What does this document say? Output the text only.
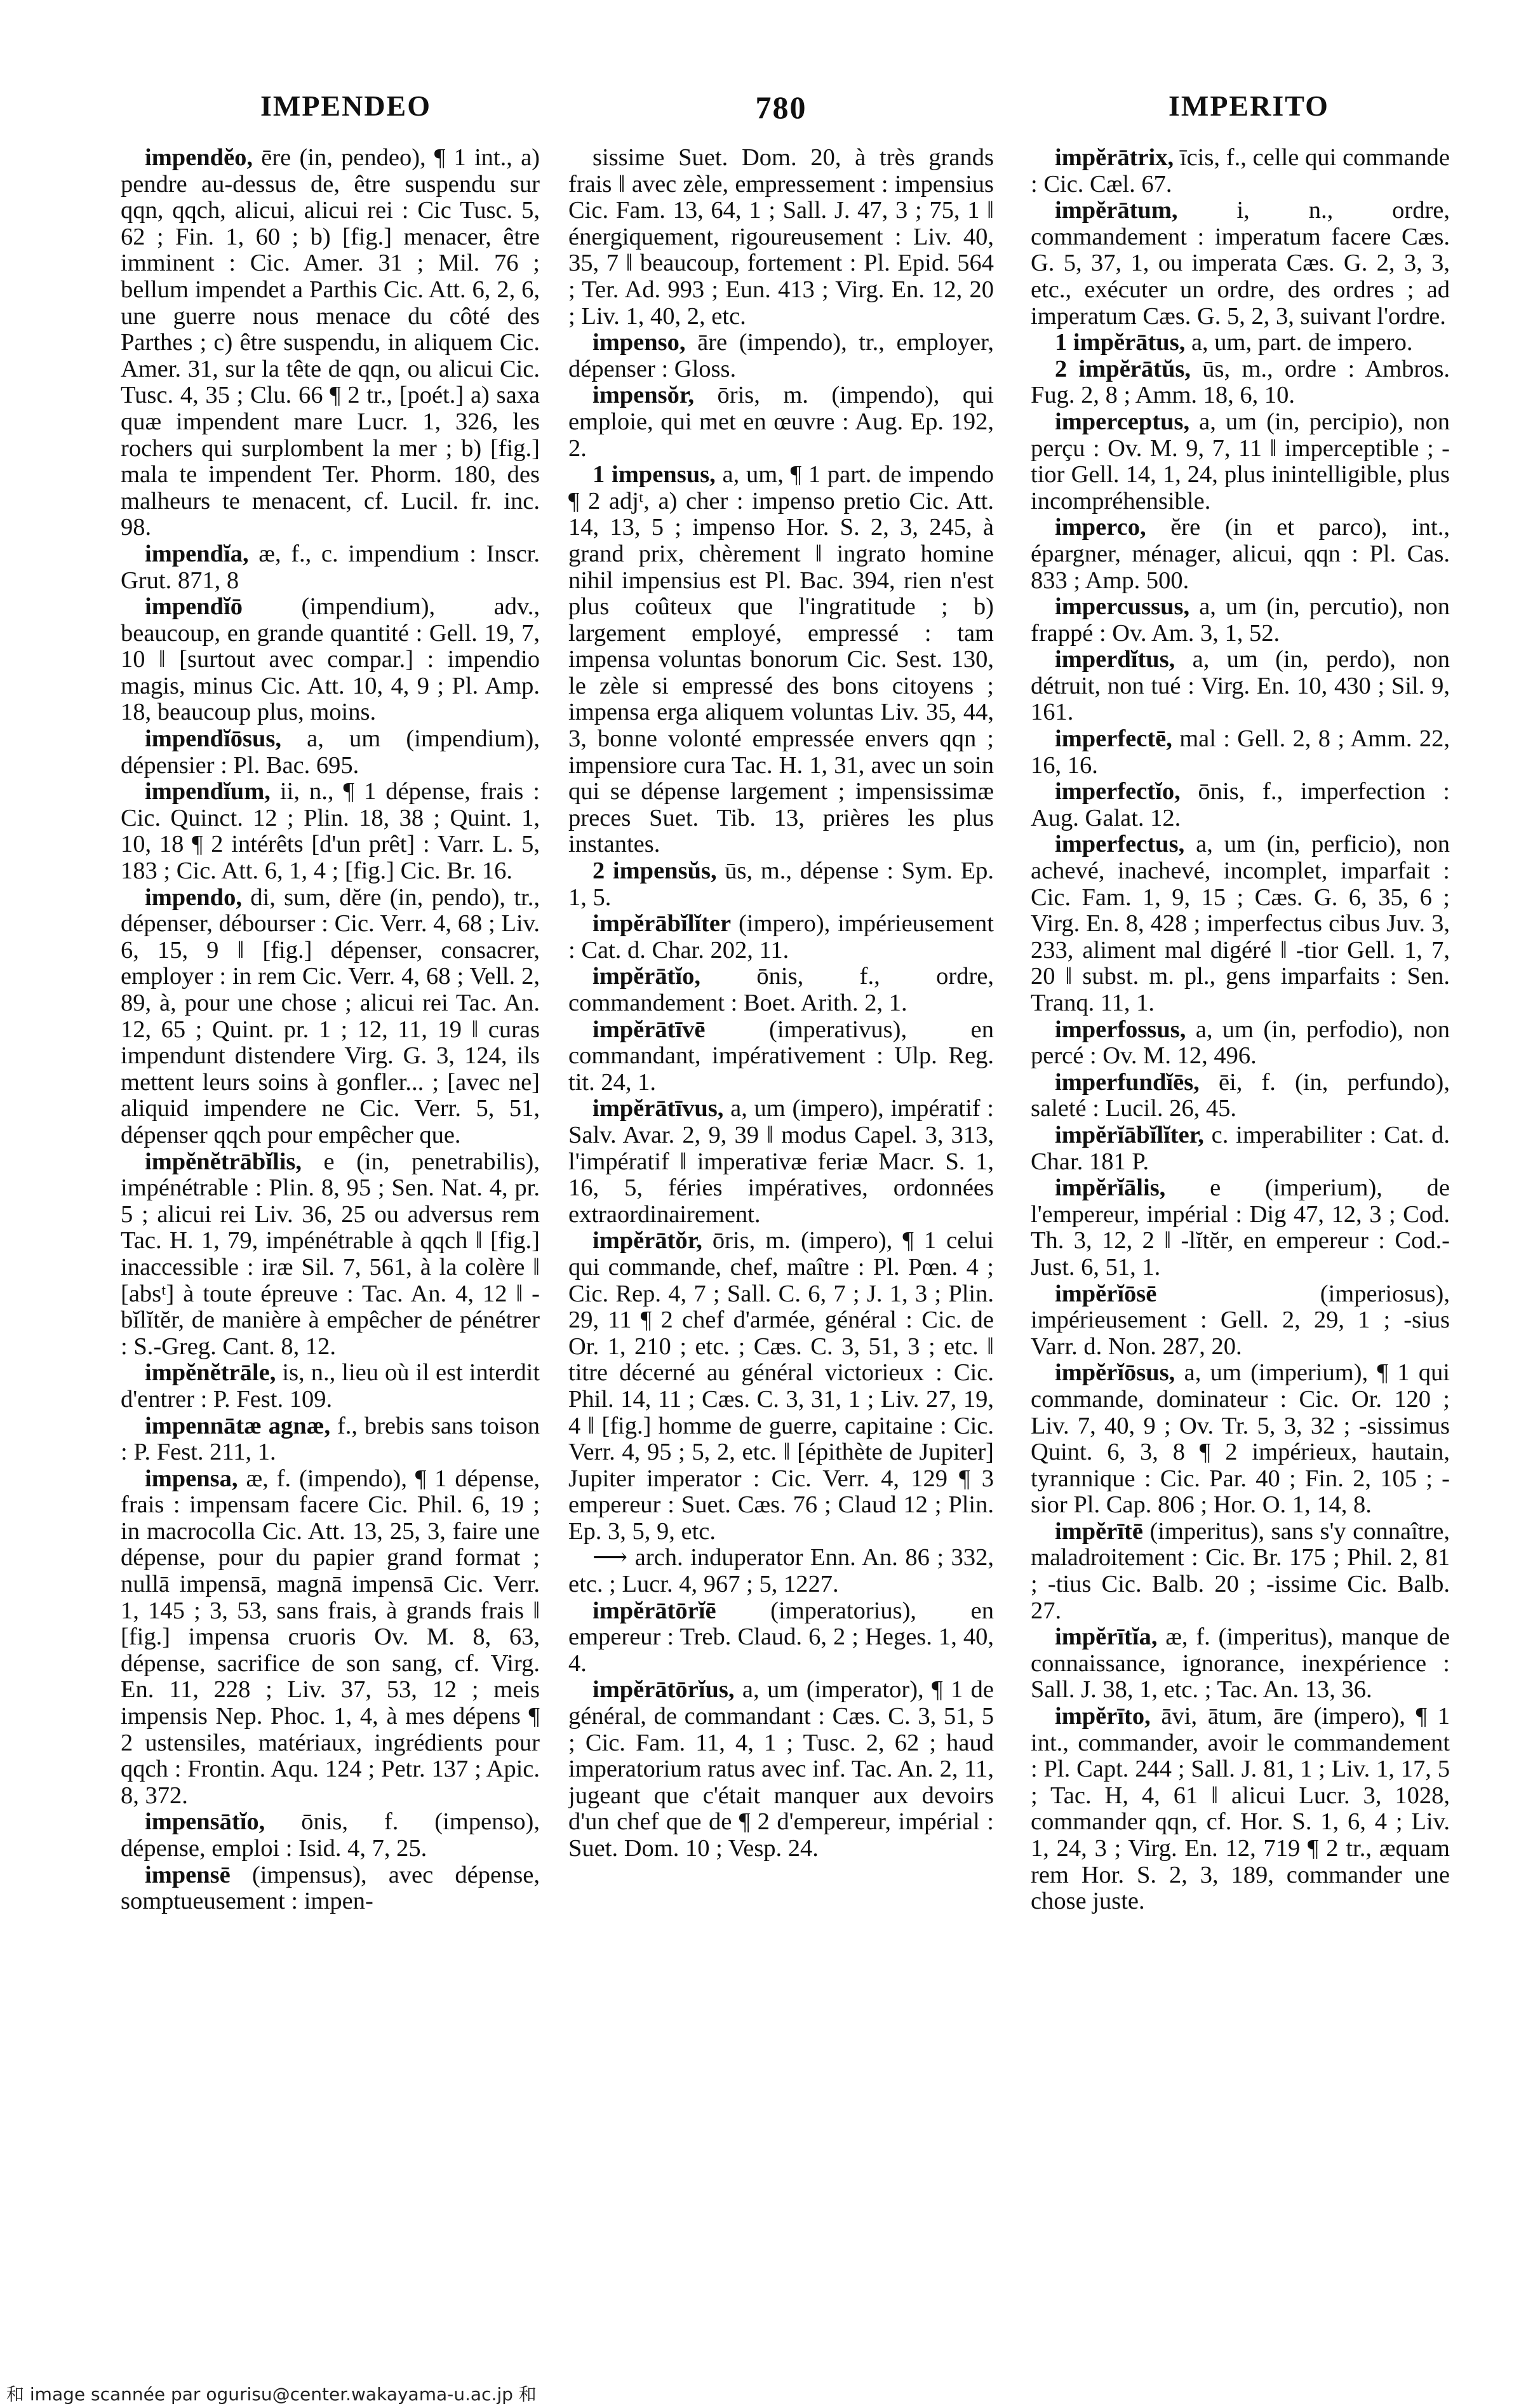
IMPENDEO	780	IMPERITO

impendĕo, ēre (in, pendeo), ¶ 1 int., a) pendre au-dessus de, être suspendu sur qqn, qqch, alicui, alicui rei : Cic Tusc. 5, 62 ; Fin. 1, 60 ; b) [fig.] menacer, être imminent : Cic. Amer. 31 ; Mil. 76 ; bellum impendet a Parthis Cic. Att. 6, 2, 6, une guerre nous menace du côté des Parthes ; c) être suspendu, in aliquem Cic. Amer. 31, sur la tête de qqn, ou alicui Cic. Tusc. 4, 35 ; Clu. 66 ¶ 2 tr., [poét.] a) saxa quæ impendent mare Lucr. 1, 326, les rochers qui surplombent la mer ; b) [fig.] mala te impendent Ter. Phorm. 180, des malheurs te menacent, cf. Lucil. fr. inc. 98.

impendĭa, æ, f., c. impendium : Inscr. Grut. 871, 8

impendĭō (impendium), adv., beaucoup, en grande quantité : Gell. 19, 7, 10 ‖ [surtout avec compar.] : impendio magis, minus Cic. Att. 10, 4, 9 ; Pl. Amp. 18, beaucoup plus, moins.

impendĭōsus, a, um (impendium), dépensier : Pl. Bac. 695.

impendĭum, ii, n., ¶ 1 dépense, frais : Cic. Quinct. 12 ; Plin. 18, 38 ; Quint. 1, 10, 18 ¶ 2 intérêts [d'un prêt] : Varr. L. 5, 183 ; Cic. Att. 6, 1, 4 ; [fig.] Cic. Br. 16.

impendo, di, sum, dĕre (in, pendo), tr., dépenser, débourser : Cic. Verr. 4, 68 ; Liv. 6, 15, 9 ‖ [fig.] dépenser, consacrer, employer : in rem Cic. Verr. 4, 68 ; Vell. 2, 89, à, pour une chose ; alicui rei Tac. An. 12, 65 ; Quint. pr. 1 ; 12, 11, 19 ‖ curas impendunt distendere Virg. G. 3, 124, ils mettent leurs soins à gonfler... ; [avec ne] aliquid impendere ne Cic. Verr. 5, 51, dépenser qqch pour empêcher que.

impĕnĕtrābĭlis, e (in, penetrabilis), impénétrable : Plin. 8, 95 ; Sen. Nat. 4, pr. 5 ; alicui rei Liv. 36, 25 ou adversus rem Tac. H. 1, 79, impénétrable à qqch ‖ [fig.] inaccessible : iræ Sil. 7, 561, à la colère ‖ [absᵗ] à toute épreuve : Tac. An. 4, 12 ‖ -bĭlĭtĕr, de manière à empêcher de pénétrer : S.-Greg. Cant. 8, 12.

impĕnĕtrāle, is, n., lieu où il est interdit d'entrer : P. Fest. 109.

impennātæ agnæ, f., brebis sans toison : P. Fest. 211, 1.

impensa, æ, f. (impendo), ¶ 1 dépense, frais : impensam facere Cic. Phil. 6, 19 ; in macrocolla Cic. Att. 13, 25, 3, faire une dépense, pour du papier grand format ; nullā impensā, magnā impensā Cic. Verr. 1, 145 ; 3, 53, sans frais, à grands frais ‖ [fig.] impensa cruoris Ov. M. 8, 63, dépense, sacrifice de son sang, cf. Virg. En. 11, 228 ; Liv. 37, 53, 12 ; meis impensis Nep. Phoc. 1, 4, à mes dépens ¶ 2 ustensiles, matériaux, ingrédients pour qqch : Frontin. Aqu. 124 ; Petr. 137 ; Apic. 8, 372.

impensātĭo, ōnis, f. (impenso), dépense, emploi : Isid. 4, 7, 25.

impensē (impensus), avec dépense, somptueusement : impen-

sissime Suet. Dom. 20, à très grands frais ‖ avec zèle, empressement : impensius Cic. Fam. 13, 64, 1 ; Sall. J. 47, 3 ; 75, 1 ‖ énergiquement, rigoureusement : Liv. 40, 35, 7 ‖ beaucoup, fortement : Pl. Epid. 564 ; Ter. Ad. 993 ; Eun. 413 ; Virg. En. 12, 20 ; Liv. 1, 40, 2, etc.

impenso, āre (impendo), tr., employer, dépenser : Gloss.

impensŏr, ōris, m. (impendo), qui emploie, qui met en œuvre : Aug. Ep. 192, 2.

1 impensus, a, um, ¶ 1 part. de impendo ¶ 2 adjᵗ, a) cher : impenso pretio Cic. Att. 14, 13, 5 ; impenso Hor. S. 2, 3, 245, à grand prix, chèrement ‖ ingrato homine nihil impensius est Pl. Bac. 394, rien n'est plus coûteux que l'ingratitude ; b) largement employé, empressé : tam impensa voluntas bonorum Cic. Sest. 130, le zèle si empressé des bons citoyens ; impensa erga aliquem voluntas Liv. 35, 44, 3, bonne volonté empressée envers qqn ; impensiore cura Tac. H. 1, 31, avec un soin qui se dépense largement ; impensissimæ preces Suet. Tib. 13, prières les plus instantes.

2 impensŭs, ūs, m., dépense : Sym. Ep. 1, 5.

impĕrābĭlĭter (impero), impérieusement : Cat. d. Char. 202, 11.

impĕrātĭo, ōnis, f., ordre, commandement : Boet. Arith. 2, 1.

impĕrātīvē (imperativus), en commandant, impérativement : Ulp. Reg. tit. 24, 1.

impĕrātīvus, a, um (impero), impératif : Salv. Avar. 2, 9, 39 ‖ modus Capel. 3, 313, l'impératif ‖ imperativæ feriæ Macr. S. 1, 16, 5, féries impératives, ordonnées extraordinairement.

impĕrātŏr, ōris, m. (impero), ¶ 1 celui qui commande, chef, maître : Pl. Pœn. 4 ; Cic. Rep. 4, 7 ; Sall. C. 6, 7 ; J. 1, 3 ; Plin. 29, 11 ¶ 2 chef d'armée, général : Cic. de Or. 1, 210 ; etc. ; Cæs. C. 3, 51, 3 ; etc. ‖ titre décerné au général victorieux : Cic. Phil. 14, 11 ; Cæs. C. 3, 31, 1 ; Liv. 27, 19, 4 ‖ [fig.] homme de guerre, capitaine : Cic. Verr. 4, 95 ; 5, 2, etc. ‖ [épithète de Jupiter] Jupiter imperator : Cic. Verr. 4, 129 ¶ 3 empereur : Suet. Cæs. 76 ; Claud 12 ; Plin. Ep. 3, 5, 9, etc.

⟶ arch. induperator Enn. An. 86 ; 332, etc. ; Lucr. 4, 967 ; 5, 1227.

impĕrātōrĭē (imperatorius), en empereur : Treb. Claud. 6, 2 ; Heges. 1, 40, 4.

impĕrātōrĭus, a, um (imperator), ¶ 1 de général, de commandant : Cæs. C. 3, 51, 5 ; Cic. Fam. 11, 4, 1 ; Tusc. 2, 62 ; haud imperatorium ratus avec inf. Tac. An. 2, 11, jugeant que c'était manquer aux devoirs d'un chef que de ¶ 2 d'empereur, impérial : Suet. Dom. 10 ; Vesp. 24.

impĕrātrix, īcis, f., celle qui commande : Cic. Cæl. 67.

impĕrātum, i, n., ordre, commandement : imperatum facere Cæs. G. 5, 37, 1, ou imperata Cæs. G. 2, 3, 3, etc., exécuter un ordre, des ordres ; ad imperatum Cæs. G. 5, 2, 3, suivant l'ordre.

1 impĕrātus, a, um, part. de impero.

2 impĕrātŭs, ūs, m., ordre : Ambros. Fug. 2, 8 ; Amm. 18, 6, 10.

imperceptus, a, um (in, percipio), non perçu : Ov. M. 9, 7, 11 ‖ imperceptible ; -tior Gell. 14, 1, 24, plus inintelligible, plus incompréhensible.

imperco, ĕre (in et parco), int., épargner, ménager, alicui, qqn : Pl. Cas. 833 ; Amp. 500.

impercussus, a, um (in, percutio), non frappé : Ov. Am. 3, 1, 52.

imperdĭtus, a, um (in, perdo), non détruit, non tué : Virg. En. 10, 430 ; Sil. 9, 161.

imperfectē, mal : Gell. 2, 8 ; Amm. 22, 16, 16.

imperfectĭo, ōnis, f., imperfection : Aug. Galat. 12.

imperfectus, a, um (in, perficio), non achevé, inachevé, incomplet, imparfait : Cic. Fam. 1, 9, 15 ; Cæs. G. 6, 35, 6 ; Virg. En. 8, 428 ; imperfectus cibus Juv. 3, 233, aliment mal digéré ‖ -tior Gell. 1, 7, 20 ‖ subst. m. pl., gens imparfaits : Sen. Tranq. 11, 1.

imperfossus, a, um (in, perfodio), non percé : Ov. M. 12, 496.

imperfundĭēs, ēi, f. (in, perfundo), saleté : Lucil. 26, 45.

impĕrĭābĭlĭter, c. imperabiliter : Cat. d. Char. 181 P.

impĕrĭālis, e (imperium), de l'empereur, impérial : Dig 47, 12, 3 ; Cod. Th. 3, 12, 2 ‖ -lĭtĕr, en empereur : Cod.-Just. 6, 51, 1.

impĕrĭōsē (imperiosus), impérieusement : Gell. 2, 29, 1 ; -sius Varr. d. Non. 287, 20.

impĕrĭōsus, a, um (imperium), ¶ 1 qui commande, dominateur : Cic. Or. 120 ; Liv. 7, 40, 9 ; Ov. Tr. 5, 3, 32 ; -sissimus Quint. 6, 3, 8 ¶ 2 impérieux, hautain, tyrannique : Cic. Par. 40 ; Fin. 2, 105 ; -sior Pl. Cap. 806 ; Hor. O. 1, 14, 8.

impĕrītē (imperitus), sans s'y connaître, maladroitement : Cic. Br. 175 ; Phil. 2, 81 ; -tius Cic. Balb. 20 ; -issime Cic. Balb. 27.

impĕrītĭa, æ, f. (imperitus), manque de connaissance, ignorance, inexpérience : Sall. J. 38, 1, etc. ; Tac. An. 13, 36.

impĕrīto, āvi, ātum, āre (impero), ¶ 1 int., commander, avoir le commandement : Pl. Capt. 244 ; Sall. J. 81, 1 ; Liv. 1, 17, 5 ; Tac. H, 4, 61 ‖ alicui Lucr. 3, 1028, commander qqn, cf. Hor. S. 1, 6, 4 ; Liv. 1, 24, 3 ; Virg. En. 12, 719 ¶ 2 tr., æquam rem Hor. S. 2, 3, 189, commander une chose juste.

和 image scannée par ogurisu@center.wakayama-u.ac.jp 和
